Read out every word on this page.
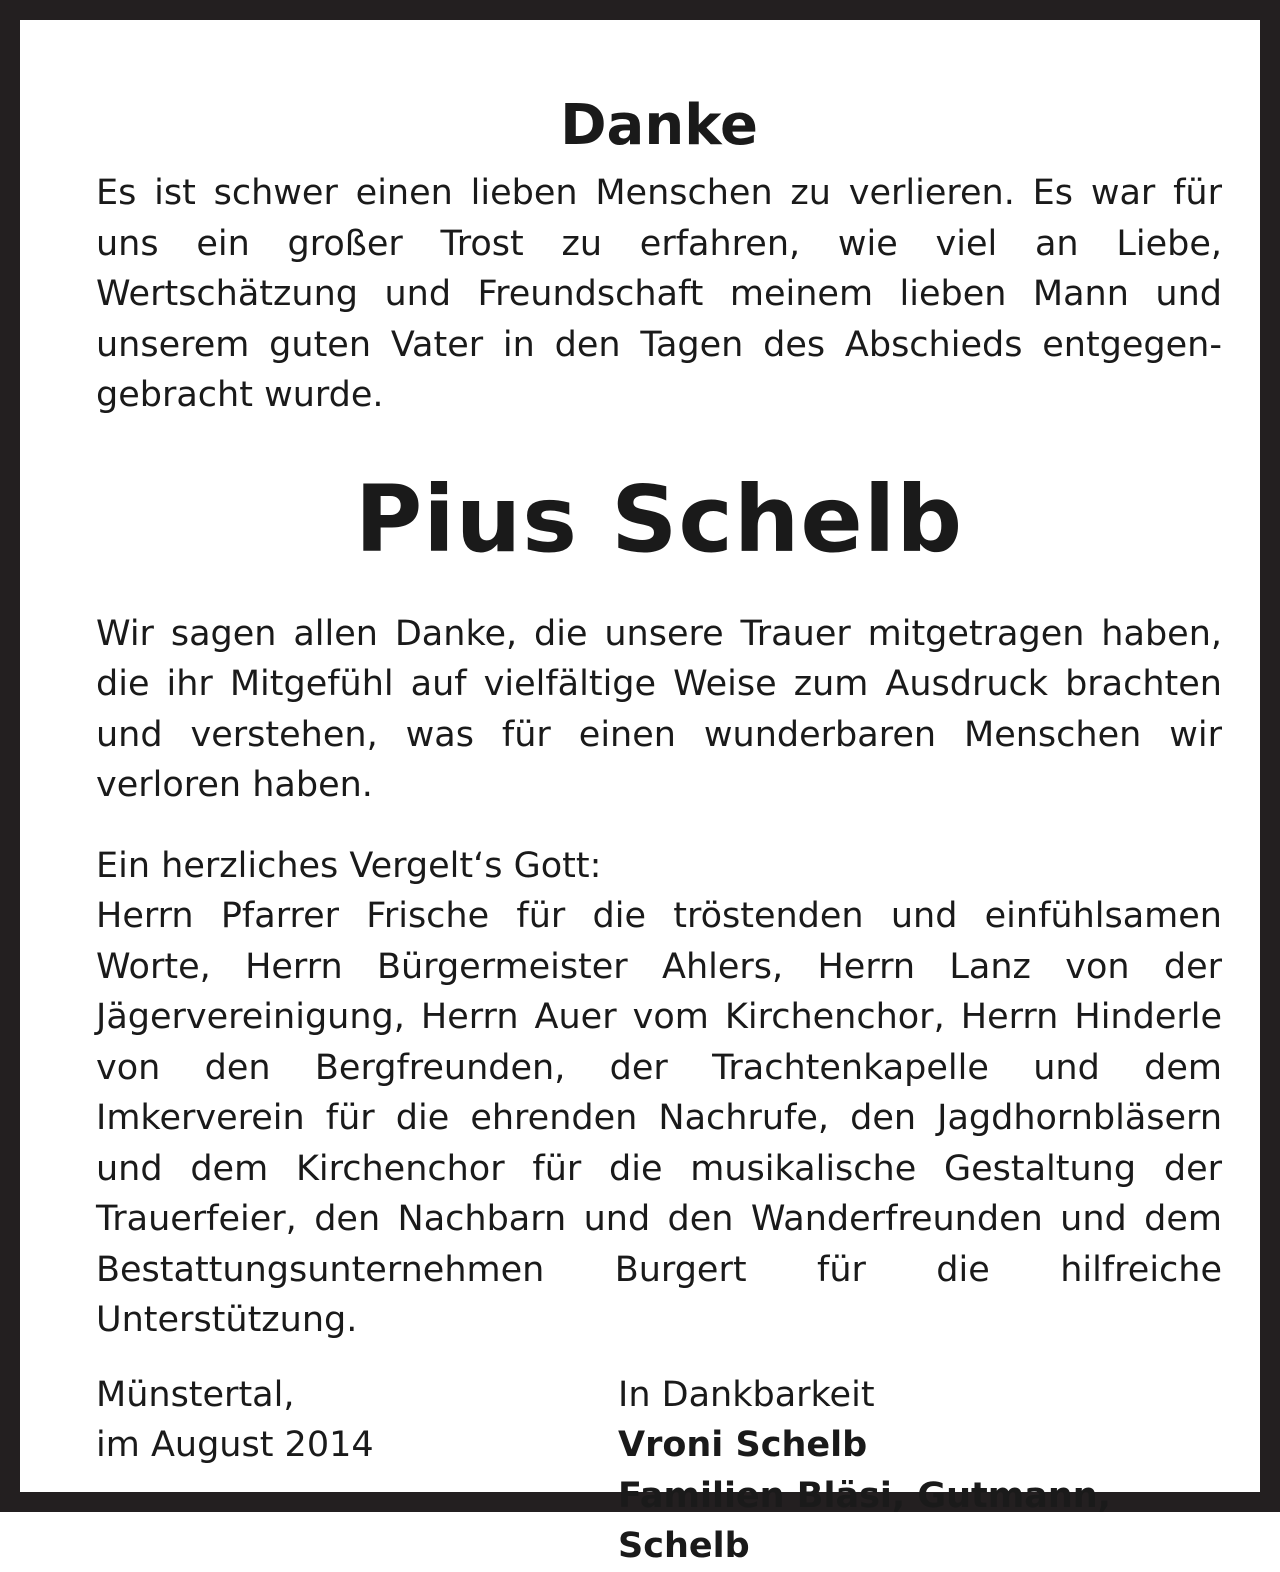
Danke

Es ist schwer einen lieben Menschen zu verlieren. Es war für uns ein großer Trost zu erfahren, wie viel an Liebe, Wertschätzung und Freundschaft meinem lieben Mann und unserem guten Vater in den Tagen des Abschieds entgegengebracht wurde.

Pius Schelb

Wir sagen allen Danke, die unsere Trauer mitgetragen haben, die ihr Mitgefühl auf vielfältige Weise zum Ausdruck brachten und verstehen, was für einen wunderbaren Menschen wir verloren haben.

Ein herzliches Vergelt‘s Gott:

Herrn Pfarrer Frische für die tröstenden und einfühlsamen Worte, Herrn Bürgermeister Ahlers, Herrn Lanz von der Jägervereinigung, Herrn Auer vom Kirchenchor, Herrn Hinderle von den Bergfreunden, der Trachtenkapelle und dem Imkerverein für die ehrenden Nachrufe, den Jagdhornbläsern und dem Kirchenchor für die musikalische Gestaltung der Trauerfeier, den Nachbarn und den Wanderfreunden und dem Bestattungsunternehmen Burgert für die hilfreiche Unterstützung.

Münstertal,
im August 2014
In Dankbarkeit
Vroni Schelb
Familien Bläsi, Gutmann, Schelb
